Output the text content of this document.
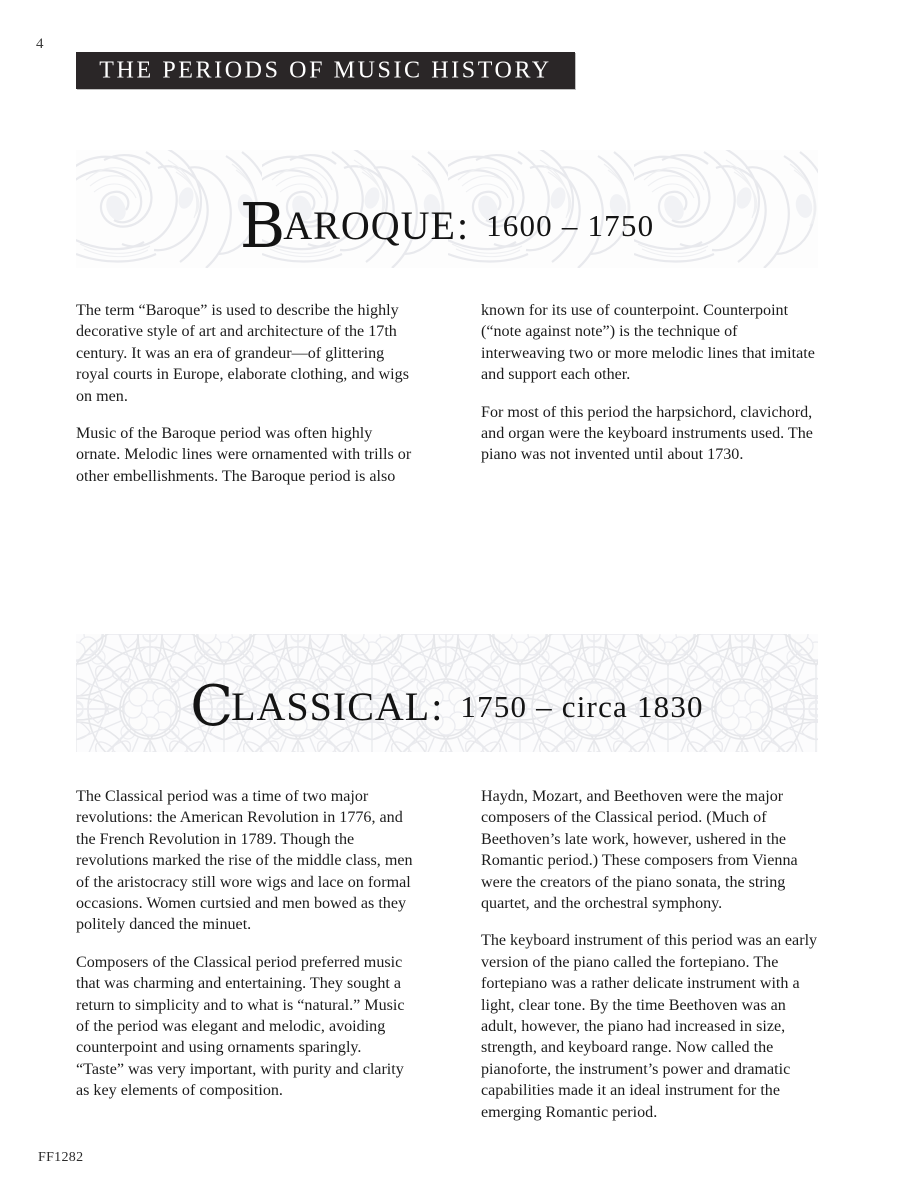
4
THE PERIODS OF MUSIC HISTORY
B
AROQUE : 1600 – 1750

The term “Baroque” is used to describe the highly decorative style of art and architecture of the 17th century. It was an era of grandeur—of glittering royal courts in Europe, elaborate clothing, and wigs on men.

Music of the Baroque period was often highly ornate. Melodic lines were ornamented with trills or other embellishments. The Baroque period is also

known for its use of counterpoint. Counterpoint (“note against note”) is the technique of interweaving two or more melodic lines that imitate and support each other.

For most of this period the harpsichord, clavichord, and organ were the keyboard instruments used. The piano was not invented until about 1730.

C
LASSICAL : 1750 – circa 1830

The Classical period was a time of two major revolutions: the American Revolution in 1776, and the French Revolution in 1789. Though the revolutions marked the rise of the middle class, men of the aristocracy still wore wigs and lace on formal occasions. Women curtsied and men bowed as they politely danced the minuet.

Composers of the Classical period preferred music that was charming and entertaining. They sought a return to simplicity and to what is “natural.” Music of the period was elegant and melodic, avoiding counterpoint and using ornaments sparingly. “Taste” was very important, with purity and clarity as key elements of composition.

Haydn, Mozart, and Beethoven were the major composers of the Classical period. (Much of Beethoven’s late work, however, ushered in the Romantic period.) These composers from Vienna were the creators of the piano sonata, the string quartet, and the orchestral symphony.

The keyboard instrument of this period was an early version of the piano called the fortepiano. The fortepiano was a rather delicate instrument with a light, clear tone. By the time Beethoven was an adult, however, the piano had increased in size, strength, and keyboard range. Now called the pianoforte, the instrument’s power and dramatic capabilities made it an ideal instrument for the emerging Romantic period.

FF1282
